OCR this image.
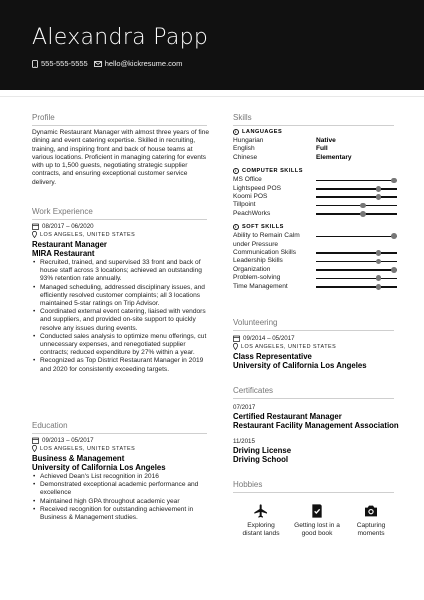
Alexandra Papp
555-555-5555 hello@kickresume.com
Profile
Dynamic Restaurant Manager with almost three years of fine dining and event catering expertise. Skilled in recruiting, training, and inspiring front and back of house teams at various locations. Proficient in managing catering for events with up to 1,500 guests, negotiating strategic supplier contracts, and ensuring exceptional customer service delivery.
Work Experience
08/2017 – 06/2020
LOS ANGELES, UNITED STATES
Restaurant Manager
MIRA Restaurant
• Recruited, trained, and supervised 33 front and back of house staff across 3 locations; achieved an outstanding 93% retention rate annually.
• Managed scheduling, addressed disciplinary issues, and efficiently resolved customer complaints; all 3 locations maintained 5-star ratings on Trip Advisor.
• Coordinated external event catering, liaised with vendors and suppliers, and provided on-site support to quickly resolve any issues during events.
• Conducted sales analysis to optimize menu offerings, cut unnecessary expenses, and renegotiated supplier contracts; reduced expenditure by 27% within a year.
• Recognized as Top District Restaurant Manager in 2019 and 2020 for consistently exceeding targets.
Education
09/2013 – 05/2017
LOS ANGELES, UNITED STATES
Business & Management
University of California Los Angeles
• Achieved Dean's List recognition in 2016
• Demonstrated exceptional academic performance and excellence
• Maintained high GPA throughout academic year
• Received recognition for outstanding achievement in Business & Management studies.
Skills
i LANGUAGES
Hungarian	Native
English	Full
Chinese	Elementary
i COMPUTER SKILLS
MS Office
Lightspeed POS
Koomi POS
Tillpoint
PeachWorks
i SOFT SKILLS
Ability to Remain Calm
under Pressure
Communication Skills
Leadership Skills
Organization
Problem-solving
Time Management
Volunteering
09/2014 – 05/2017
LOS ANGELES, UNITED STATES
Class Representative
University of California Los Angeles
Certificates
07/2017
Certified Restaurant Manager
Restaurant Facility Management Association
11/2015
Driving License
Driving School
Hobbies
Exploring
distant lands
Getting lost in a
good book
Capturing
moments
